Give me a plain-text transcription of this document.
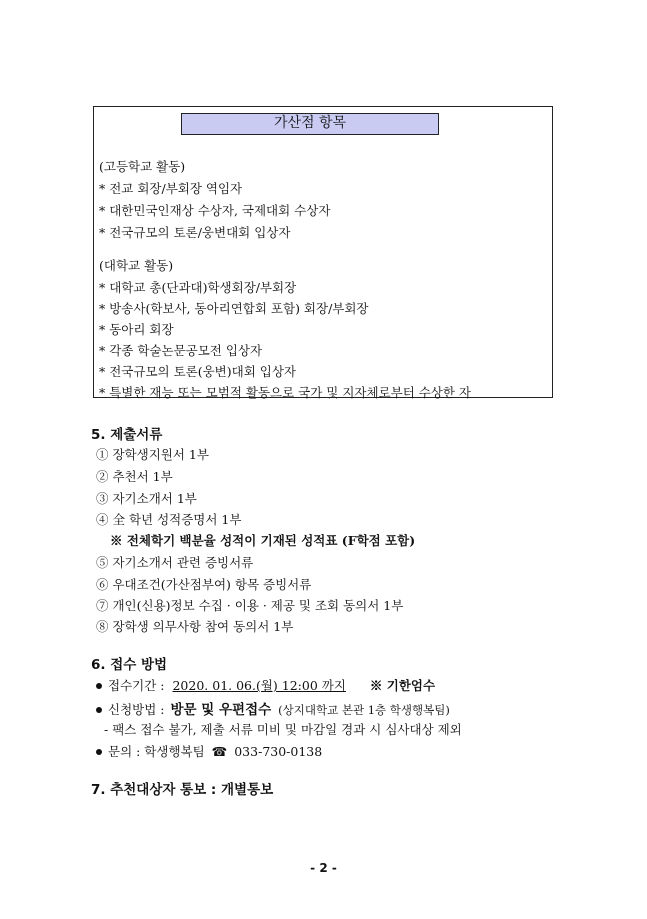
가산점 항목
(고등학교 활동)
* 전교 회장/부회장 역임자
* 대한민국인재상 수상자, 국제대회 수상자
* 전국규모의 토론/웅변대회 입상자
(대학교 활동)
* 대학교 총(단과대)학생회장/부회장
* 방송사(학보사, 동아리연합회 포함) 회장/부회장
* 동아리 회장
* 각종 학술논문공모전 입상자
* 전국규모의 토론(웅변)대회 입상자
* 특별한 재능 또는 모범적 활동으로 국가 및 지자체로부터 수상한 자
5. 제출서류
① 장학생지원서 1부
② 추천서 1부
③ 자기소개서 1부
④ 全 학년 성적증명서 1부
※ 전체학기 백분율 성적이 기재된 성적표 (F학점 포함)
⑤ 자기소개서 관련 증빙서류
⑥ 우대조건(가산점부여) 항목 증빙서류
⑦ 개인(신용)정보 수집 · 이용 · 제공 및 조회 동의서 1부
⑧ 장학생 의무사항 참여 동의서 1부
6. 접수 방법
접수기간 : 2020. 01. 06.(월) 12:00 까지 ※ 기한엄수
신청방법 : 방문 및 우편접수 (상지대학교 본관 1층 학생행복팀)
- 팩스 접수 불가, 제출 서류 미비 및 마감일 경과 시 심사대상 제외
문의 : 학생행복팀 ☎ 033-730-0138
7. 추천대상자 통보 : 개별통보
- 2 -
